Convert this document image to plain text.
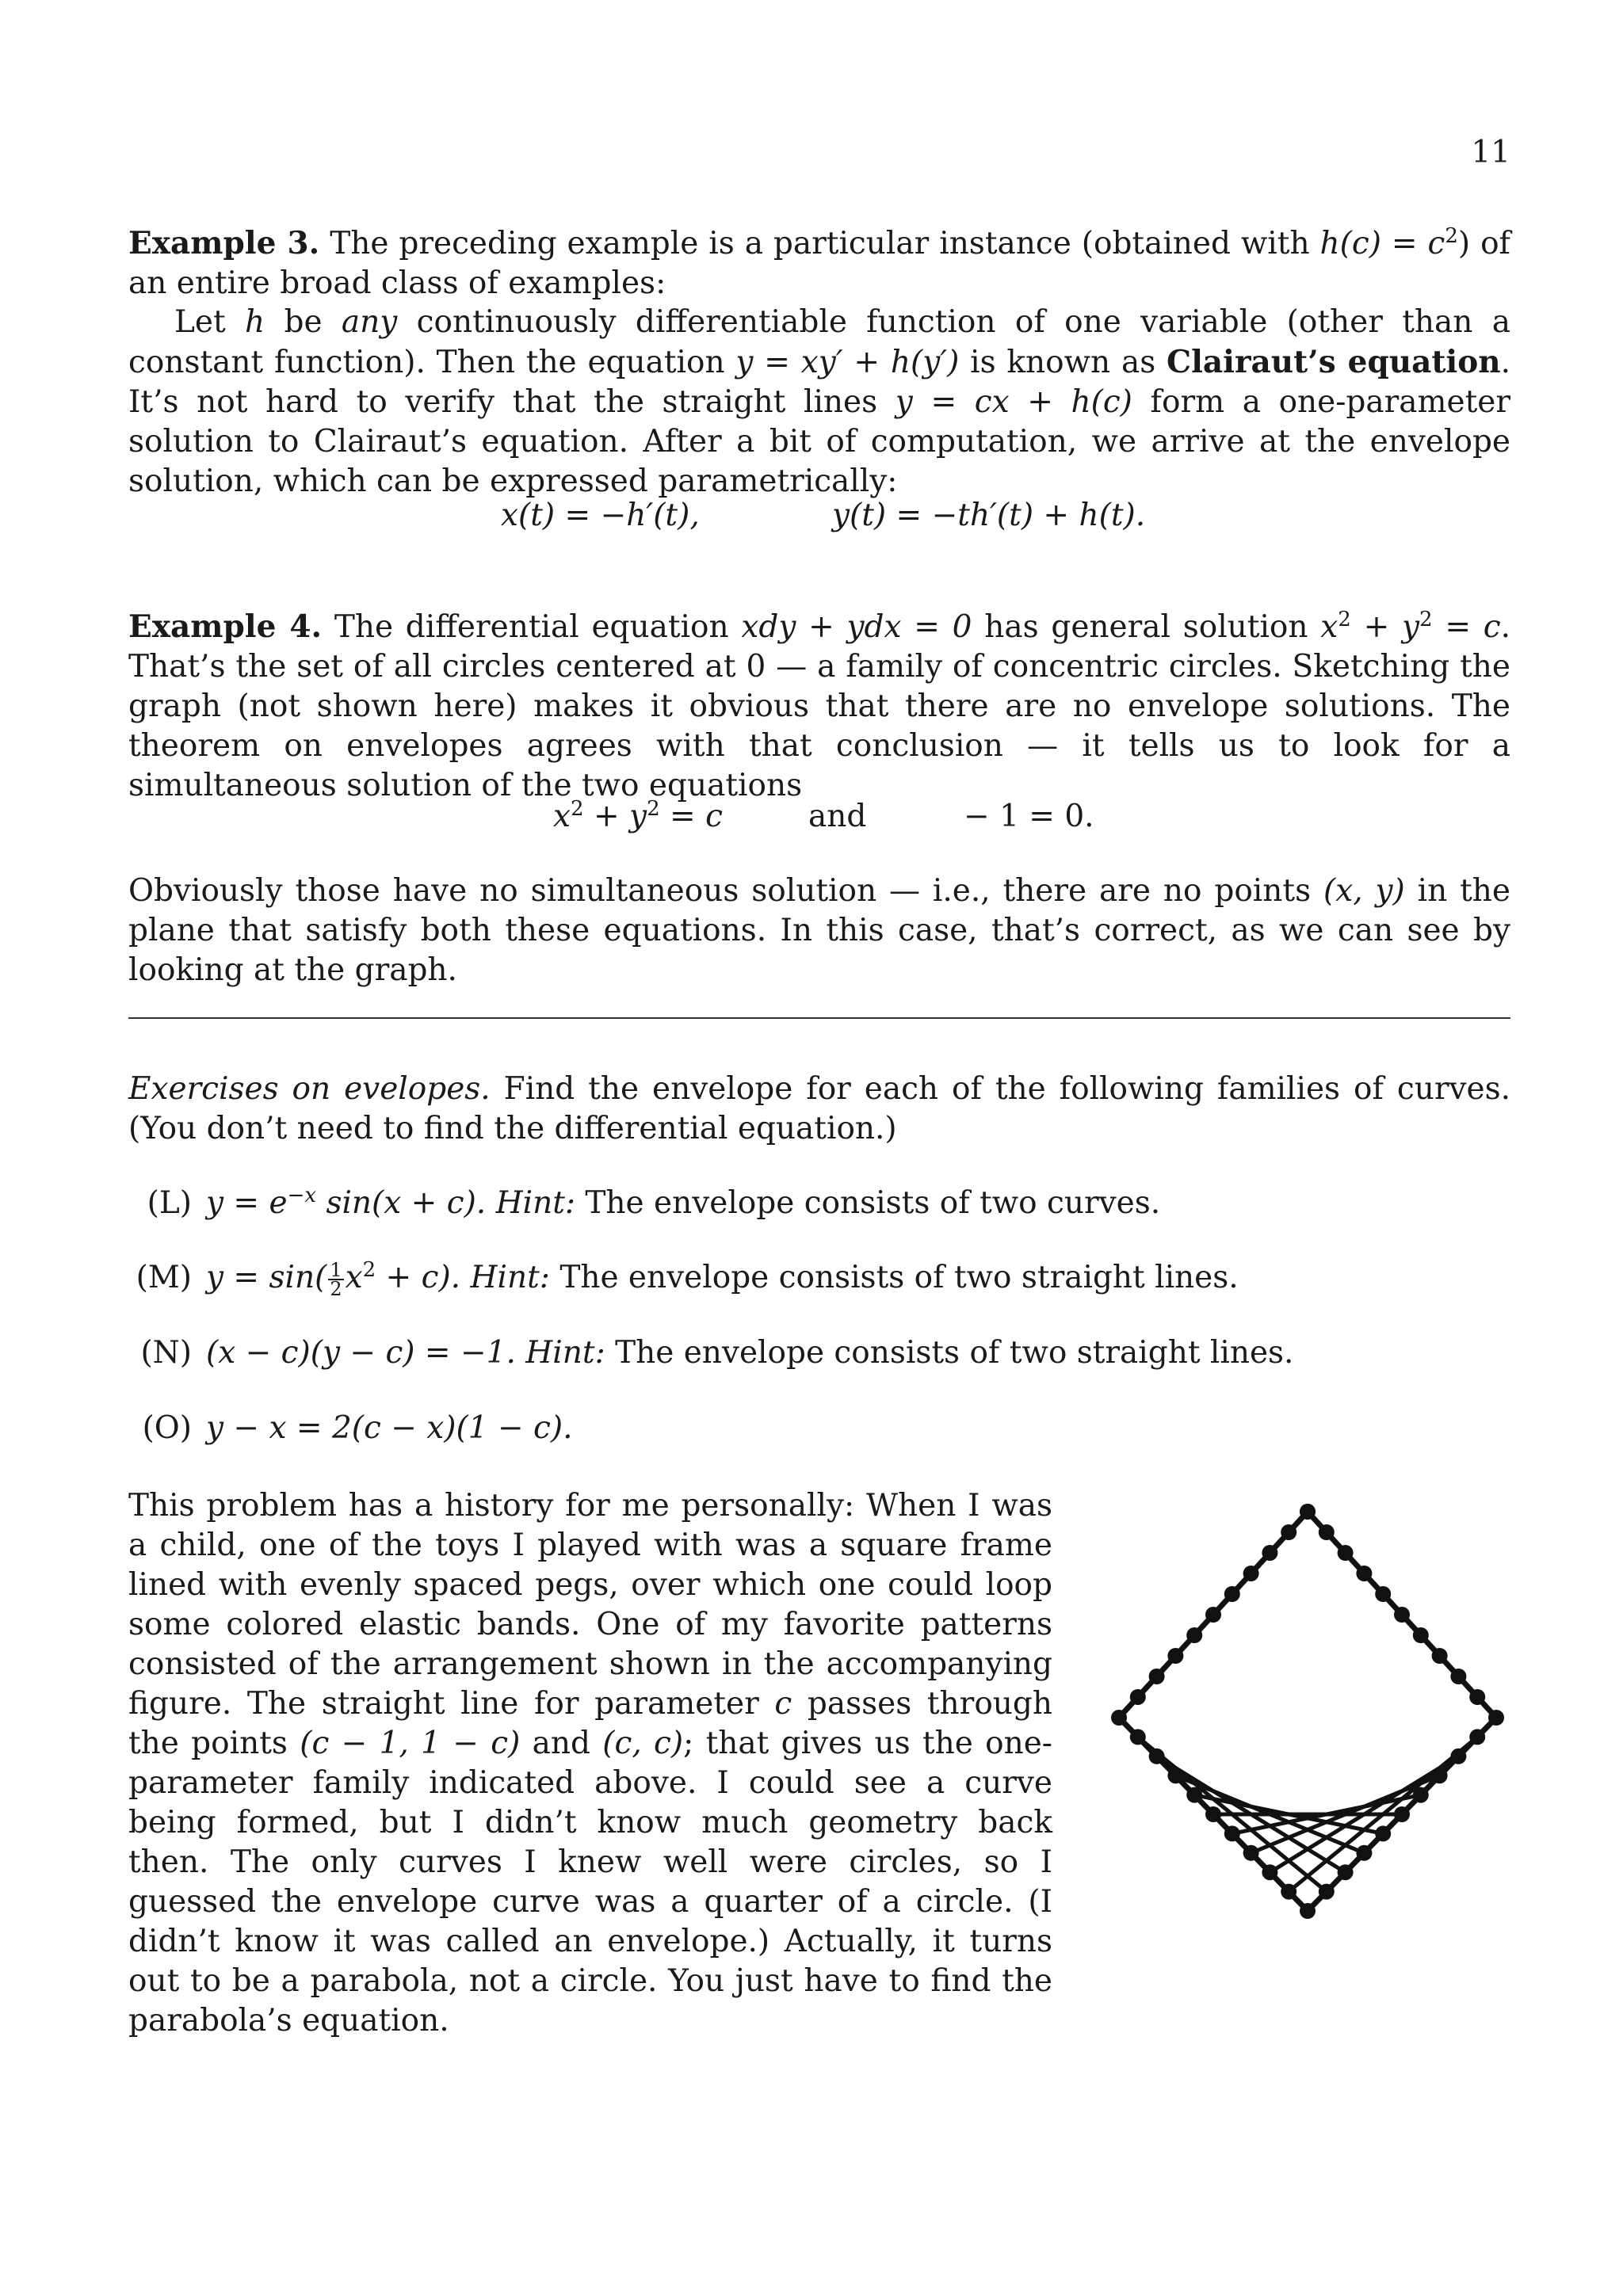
11
Example 3. The preceding example is a particular instance (obtained with $h(c) = c^2$) of an entire broad class of examples:
Let h be any continuously differentiable function of one variable (other than a constant function). Then the equation y = xy′ + h(y′) is known as Clairaut’s equation. It’s not hard to verify that the straight lines y = cx + h(c) form a one-parameter solution to Clairaut’s equation. After a bit of computation, we arrive at the envelope solution, which can be expressed parametrically:
x(t) = −h′(t),	y(t) = −th′(t) + h(t).
Example 4. The differential equation xdy + ydx = 0 has general solution $x^2 + y^2 = c$. That’s the set of all circles centered at 0 — a family of concentric circles. Sketching the graph (not shown here) makes it obvious that there are no envelope solutions. The theorem on envelopes agrees with that conclusion — it tells us to look for a simultaneous solution of the two equations
$x^2 + y^2 = c$	and	− 1 = 0.
Obviously those have no simultaneous solution — i.e., there are no points (x, y) in the plane that satisfy both these equations. In this case, that’s correct, as we can see by looking at the graph.
Exercises on evelopes. Find the envelope for each of the following families of curves. (You don’t need to find the differential equation.)
(L) $y = e^{-x}$ sin(x + c). Hint: The envelope consists of two curves.
(M) $y = \sin( \frac{1}{2} x^2 + c)$. Hint: The envelope consists of two straight lines.
(N) (x − c)(y − c) = −1. Hint: The envelope consists of two straight lines.
(O) y − x = 2(c − x)(1 − c).
This problem has a history for me personally: When I was a child, one of the toys I played with was a square frame lined with evenly spaced pegs, over which one could loop some colored elastic bands. One of my favorite patterns consisted of the arrangement shown in the accompanying figure. The straight line for parameter c passes through the points (c − 1, 1 − c) and (c, c); that gives us the one-parameter family indicated above. I could see a curve being formed, but I didn’t know much geometry back then. The only curves I knew well were circles, so I guessed the envelope curve was a quarter of a circle. (I didn’t know it was called an envelope.) Actually, it turns out to be a parabola, not a circle. You just have to find the parabola’s equation.
